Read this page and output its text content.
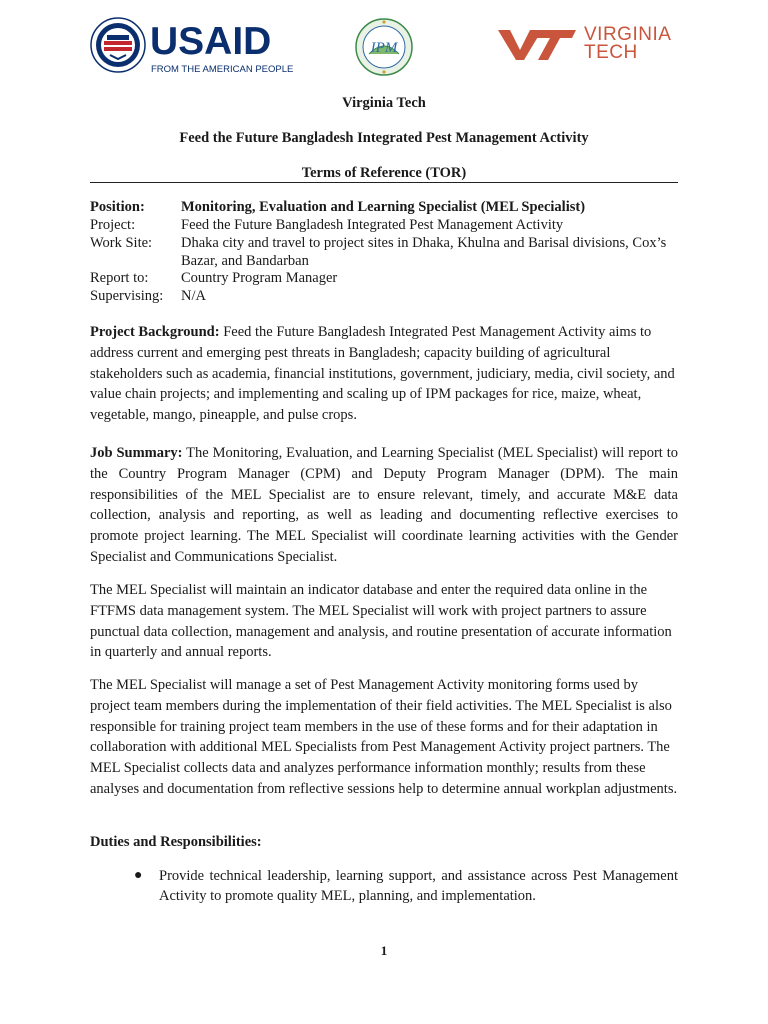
USAID
FROM THE AMERICAN PEOPLE
IPM
VIRGINIA
TECH
Virginia Tech
Feed the Future Bangladesh Integrated Pest Management Activity
Terms of Reference (TOR)
Position:	Monitoring, Evaluation and Learning Specialist (MEL Specialist)
Project:	Feed the Future Bangladesh Integrated Pest Management Activity
Work Site:	Dhaka city and travel to project sites in Dhaka, Khulna and Barisal divisions, Cox’s Bazar, and Bandarban
Report to:	Country Program Manager
Supervising:	N/A
Project Background: Feed the Future Bangladesh Integrated Pest Management Activity aims to address current and emerging pest threats in Bangladesh; capacity building of agricultural stakeholders such as academia, financial institutions, government, judiciary, media, civil society, and value chain projects; and implementing and scaling up of IPM packages for rice, maize, wheat, vegetable, mango, pineapple, and pulse crops.
Job Summary: The Monitoring, Evaluation, and Learning Specialist (MEL Specialist) will report to the Country Program Manager (CPM) and Deputy Program Manager (DPM). The main responsibilities of the MEL Specialist are to ensure relevant, timely, and accurate M&E data collection, analysis and reporting, as well as leading and documenting reflective exercises to promote project learning. The MEL Specialist will coordinate learning activities with the Gender Specialist and Communications Specialist.
The MEL Specialist will maintain an indicator database and enter the required data online in the FTFMS data management system. The MEL Specialist will work with project partners to assure punctual data collection, management and analysis, and routine presentation of accurate information in quarterly and annual reports.
The MEL Specialist will manage a set of Pest Management Activity monitoring forms used by project team members during the implementation of their field activities. The MEL Specialist is also responsible for training project team members in the use of these forms and for their adaptation in collaboration with additional MEL Specialists from Pest Management Activity project partners. The MEL Specialist collects data and analyzes performance information monthly; results from these analyses and documentation from reflective sessions help to determine annual workplan adjustments.
Duties and Responsibilities:
● Provide technical leadership, learning support, and assistance across Pest Management Activity to promote quality MEL, planning, and implementation.
1
